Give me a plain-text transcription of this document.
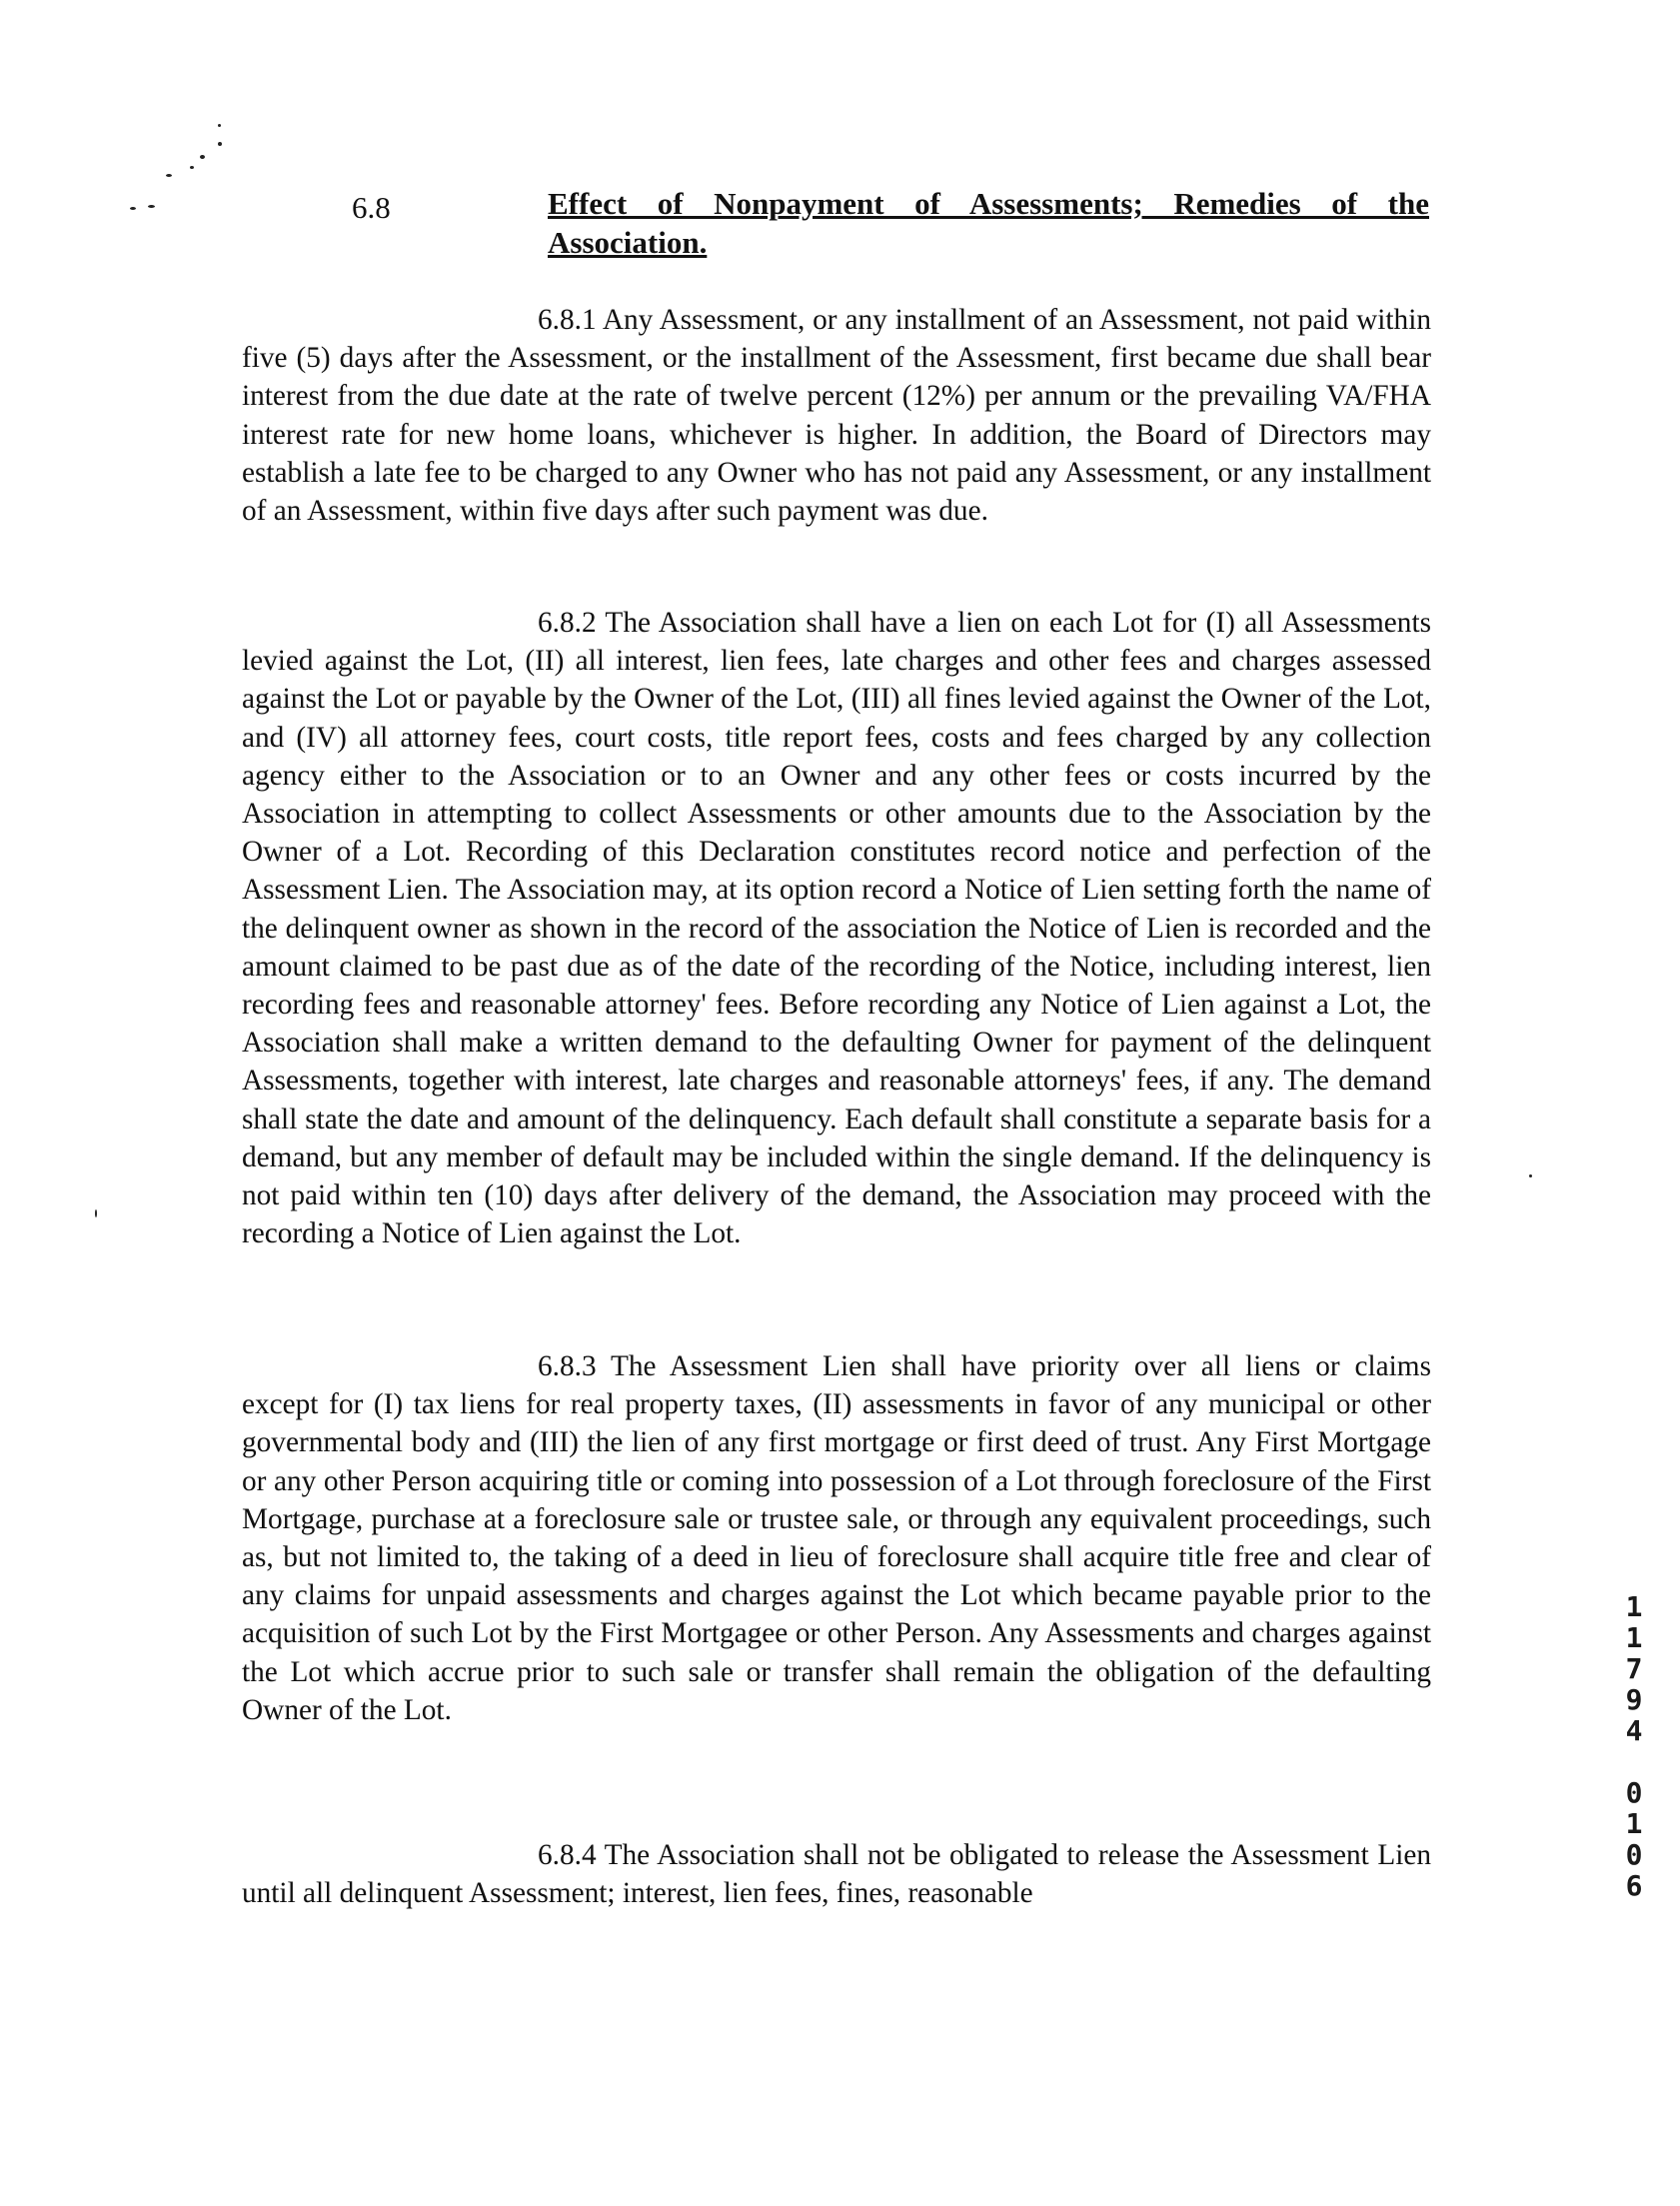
6.8	Effect of Nonpayment of Assessments; Remedies of the
Association.

6.8.1 Any Assessment, or any installment of an Assessment, not paid within five (5) days after the Assessment, or the installment of the Assessment, first became due shall bear interest from the due date at the rate of twelve percent (12%) per annum or the prevailing VA/FHA interest rate for new home loans, whichever is higher. In addition, the Board of Directors may establish a late fee to be charged to any Owner who has not paid any Assessment, or any installment of an Assessment, within five days after such payment was due.

6.8.2 The Association shall have a lien on each Lot for (I) all Assessments levied against the Lot, (II) all interest, lien fees, late charges and other fees and charges assessed against the Lot or payable by the Owner of the Lot, (III) all fines levied against the Owner of the Lot, and (IV) all attorney fees, court costs, title report fees, costs and fees charged by any collection agency either to the Association or to an Owner and any other fees or costs incurred by the Association in attempting to collect Assessments or other amounts due to the Association by the Owner of a Lot. Recording of this Declaration constitutes record notice and perfection of the Assessment Lien. The Association may, at its option record a Notice of Lien setting forth the name of the delinquent owner as shown in the record of the association the Notice of Lien is recorded and the amount claimed to be past due as of the date of the recording of the Notice, including interest, lien recording fees and reasonable attorney' fees. Before recording any Notice of Lien against a Lot, the Association shall make a written demand to the defaulting Owner for payment of the delinquent Assessments, together with interest, late charges and reasonable attorneys' fees, if any. The demand shall state the date and amount of the delinquency. Each default shall constitute a separate basis for a demand, but any member of default may be included within the single demand. If the delinquency is not paid within ten (10) days after delivery of the demand, the Association may proceed with the recording a Notice of Lien against the Lot.

6.8.3 The Assessment Lien shall have priority over all liens or claims except for (I) tax liens for real property taxes, (II) assessments in favor of any municipal or other governmental body and (III) the lien of any first mortgage or first deed of trust. Any First Mortgage or any other Person acquiring title or coming into possession of a Lot through foreclosure of the First Mortgage, purchase at a foreclosure sale or trustee sale, or through any equivalent proceedings, such as, but not limited to, the taking of a deed in lieu of foreclosure shall acquire title free and clear of any claims for unpaid assessments and charges against the Lot which became payable prior to the acquisition of such Lot by the First Mortgagee or other Person. Any Assessments and charges against the Lot which accrue prior to such sale or transfer shall remain the obligation of the defaulting Owner of the Lot.

6.8.4 The Association shall not be obligated to release the Assessment Lien until all delinquent Assessment; interest, lien fees, fines, reasonable

1
1
7
9
4
0
1
0
6
